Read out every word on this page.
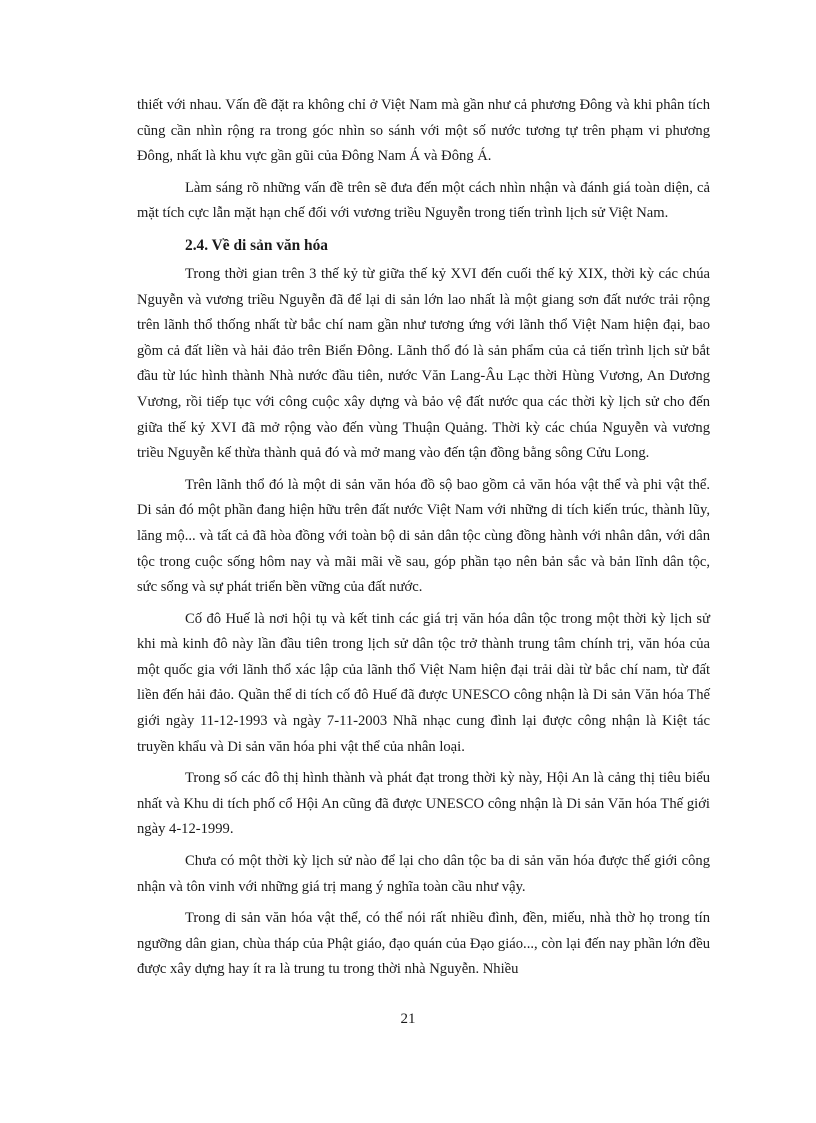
thiết với nhau. Vấn đề đặt ra không chỉ ở Việt Nam mà gần như cả phương Đông và khi phân tích cũng cần nhìn rộng ra trong góc nhìn so sánh với một số nước tương tự trên phạm vi phương Đông, nhất là khu vực gần gũi của Đông Nam Á và Đông Á.

Làm sáng rõ những vấn đề trên sẽ đưa đến một cách nhìn nhận và đánh giá toàn diện, cả mặt tích cực lẫn mặt hạn chế đối với vương triều Nguyễn trong tiến trình lịch sử Việt Nam.

2.4. Về di sản văn hóa

Trong thời gian trên 3 thế kỷ từ giữa thế kỷ XVI đến cuối thế kỷ XIX, thời kỳ các chúa Nguyễn và vương triều Nguyễn đã để lại di sản lớn lao nhất là một giang sơn đất nước trải rộng trên lãnh thổ thống nhất từ bắc chí nam gần như tương ứng với lãnh thổ Việt Nam hiện đại, bao gồm cả đất liền và hải đảo trên Biển Đông. Lãnh thổ đó là sản phẩm của cả tiến trình lịch sử bắt đầu từ lúc hình thành Nhà nước đầu tiên, nước Văn Lang-Âu Lạc thời Hùng Vương, An Dương Vương, rồi tiếp tục với công cuộc xây dựng và bảo vệ đất nước qua các thời kỳ lịch sử cho đến giữa thế kỷ XVI đã mở rộng vào đến vùng Thuận Quảng. Thời kỳ các chúa Nguyễn và vương triều Nguyễn kế thừa thành quả đó và mở mang vào đến tận đồng bằng sông Cửu Long.

Trên lãnh thổ đó là một di sản văn hóa đồ sộ bao gồm cả văn hóa vật thể và phi vật thể. Di sản đó một phần đang hiện hữu trên đất nước Việt Nam với những di tích kiến trúc, thành lũy, lăng mộ... và tất cả đã hòa đồng với toàn bộ di sản dân tộc cùng đồng hành với nhân dân, với dân tộc trong cuộc sống hôm nay và mãi mãi về sau, góp phần tạo nên bản sắc và bản lĩnh dân tộc, sức sống và sự phát triển bền vững của đất nước.

Cố đô Huế là nơi hội tụ và kết tinh các giá trị văn hóa dân tộc trong một thời kỳ lịch sử khi mà kinh đô này lần đầu tiên trong lịch sử dân tộc trở thành trung tâm chính trị, văn hóa của một quốc gia với lãnh thổ xác lập của lãnh thổ Việt Nam hiện đại trải dài từ bắc chí nam, từ đất liền đến hải đảo. Quần thể di tích cố đô Huế đã được UNESCO công nhận là Di sản Văn hóa Thế giới ngày 11-12-1993 và ngày 7-11-2003 Nhã nhạc cung đình lại được công nhận là Kiệt tác truyền khẩu và Di sản văn hóa phi vật thể của nhân loại.

Trong số các đô thị hình thành và phát đạt trong thời kỳ này, Hội An là cảng thị tiêu biểu nhất và Khu di tích phố cổ Hội An cũng đã được UNESCO công nhận là Di sản Văn hóa Thế giới ngày 4-12-1999.

Chưa có một thời kỳ lịch sử nào để lại cho dân tộc ba di sản văn hóa được thế giới công nhận và tôn vinh với những giá trị mang ý nghĩa toàn cầu như vậy.

Trong di sản văn hóa vật thể, có thể nói rất nhiều đình, đền, miếu, nhà thờ họ trong tín ngưỡng dân gian, chùa tháp của Phật giáo, đạo quán của Đạo giáo..., còn lại đến nay phần lớn đều được xây dựng hay ít ra là trung tu trong thời nhà Nguyễn. Nhiều

21
